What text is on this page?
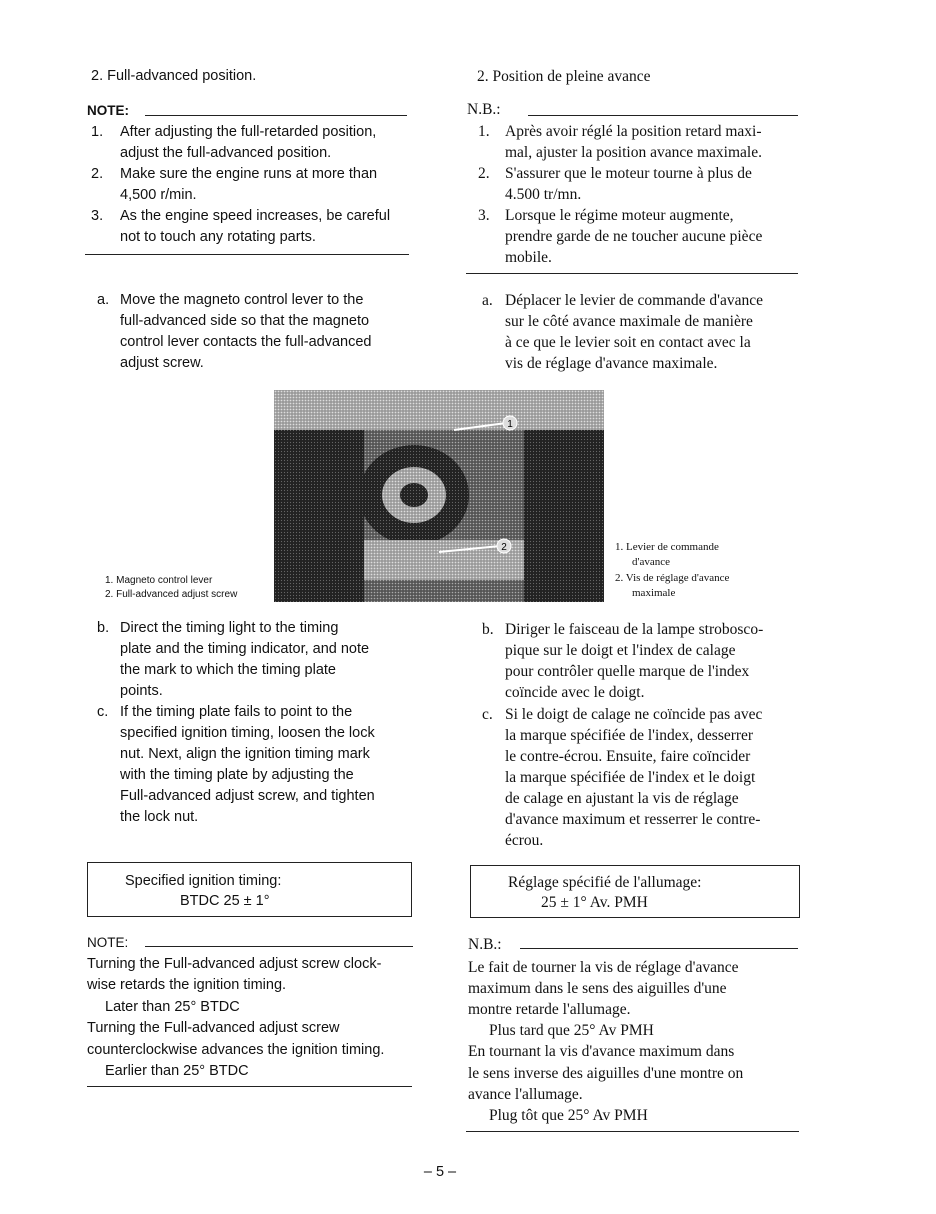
2. Full-advanced position.
NOTE:
1. After adjusting the full-retarded position,
adjust the full-advanced position.
2. Make sure the engine runs at more than
4,500 r/min.
3. As the engine speed increases, be careful
not to touch any rotating parts.
a. Move the magneto control lever to the
full-advanced side so that the magneto
control lever contacts the full-advanced
adjust screw.
1
2
1. Magneto control lever
2. Full-advanced adjust screw
b. Direct the timing light to the timing
plate and the timing indicator, and note
the mark to which the timing plate
points.
c. If the timing plate fails to point to the
specified ignition timing, loosen the lock
nut. Next, align the ignition timing mark
with the timing plate by adjusting the
Full-advanced adjust screw, and tighten
the lock nut.
Specified ignition timing:
BTDC 25 ± 1°
NOTE:
Turning the Full-advanced adjust screw clock-
wise retards the ignition timing.
Later than 25° BTDC
Turning the Full-advanced adjust screw
counterclockwise advances the ignition timing.
Earlier than 25° BTDC
2. Position de pleine avance
N.B.:
1. Après avoir réglé la position retard maxi-
mal, ajuster la position avance maximale.
2. S'assurer que le moteur tourne à plus de
4.500 tr/mn.
3. Lorsque le régime moteur augmente,
prendre garde de ne toucher aucune pièce
mobile.
a. Déplacer le levier de commande d'avance
sur le côté avance maximale de manière
à ce que le levier soit en contact avec la
vis de réglage d'avance maximale.
1. Levier de commande
d'avance
2. Vis de réglage d'avance
maximale
b. Diriger le faisceau de la lampe strobosco-
pique sur le doigt et l'index de calage
pour contrôler quelle marque de l'index
coïncide avec le doigt.
c. Si le doigt de calage ne coïncide pas avec
la marque spécifiée de l'index, desserrer
le contre-écrou. Ensuite, faire coïncider
la marque spécifiée de l'index et le doigt
de calage en ajustant la vis de réglage
d'avance maximum et resserrer le contre-
écrou.
Réglage spécifié de l'allumage:
25 ± 1° Av. PMH
N.B.:
Le fait de tourner la vis de réglage d'avance
maximum dans le sens des aiguilles d'une
montre retarde l'allumage.
Plus tard que 25° Av PMH
En tournant la vis d'avance maximum dans
le sens inverse des aiguilles d'une montre on
avance l'allumage.
Plug tôt que 25° Av PMH
– 5 –
